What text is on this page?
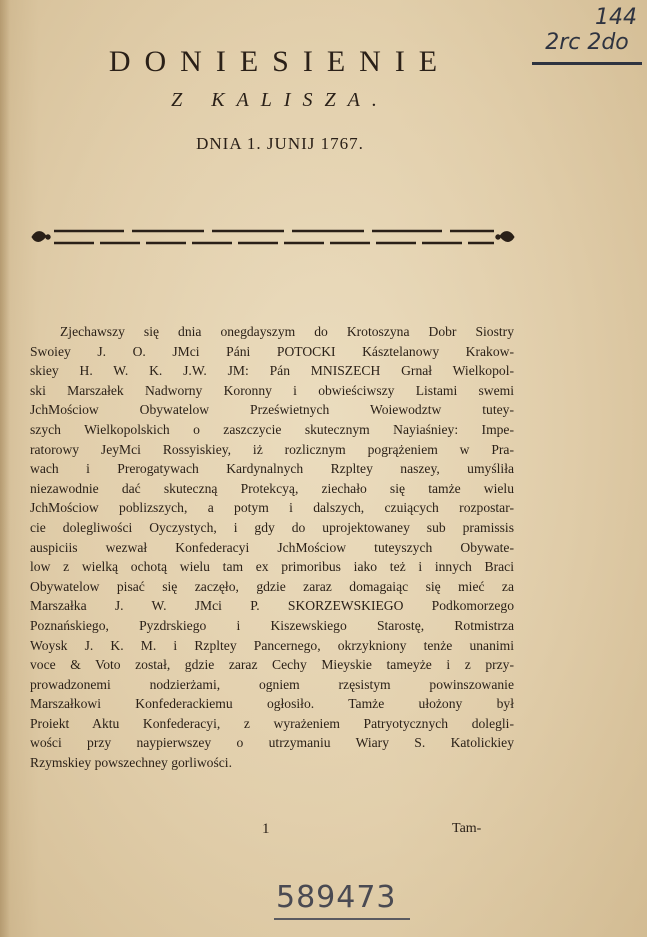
144
2rc 2do
DONIESIENIE
Z KALISZA.
DNIA 1. JUNIJ 1767.
Zjechawszy się dnia onegdayszym do Krotoszyna Dobr Siostry
Swoiey J. O. JMci Páni POTOCKI Kásztelanowy Krakow-
skiey H. W. K. J.W. JM: Pán MNISZECH Grnał Wielkopol-
ski Marszałek Nadworny Koronny i obwieściwszy Listami swemi
JchMościow Obywatelow Prześwietnych Woiewodztw tutey-
szych Wielkopolskich o zaszczycie skutecznym Nayiaśniey: Impe-
ratorowy JeyMci Rossyiskiey, iż rozlicznym pogrążeniem w Pra-
wach i Prerogatywach Kardynalnych Rzpltey naszey, umyśliła
niezawodnie dać skuteczną Protekcyą, ziechało się tamże wielu
JchMościow poblizszych, a potym i dalszych, czuiących rozpostar-
cie dolegliwości Oyczystych, i gdy do uprojektowaney sub pramissis
auspiciis wezwał Konfederacyi JchMościow tuteyszych Obywate-
low z wielką ochotą wielu tam ex primoribus iako też i innych Braci
Obywatelow pisać się zaczęło, gdzie zaraz domagaiąc się mieć za
Marszałka J. W. JMci P. SKORZEWSKIEGO Podkomorzego
Poznańskiego, Pyzdrskiego i Kiszewskiego Starostę, Rotmistrza
Woysk J. K. M. i Rzpltey Pancernego, okrzykniony tenże unanimi
voce & Voto został, gdzie zaraz Cechy Mieyskie tameyże i z przy-
prowadzonemi nodzierżami, ogniem rzęsistym powinszowanie
Marszałkowi Konfederackiemu ogłosiło. Tamże ułożony był
Proiekt Aktu Konfederacyi, z wyrażeniem Patryotycznych dolegli-
wości przy naypierwszey o utrzymaniu Wiary S. Katolickiey
Rzymskiey powszechney gorliwości.
1	Tam-
589473
